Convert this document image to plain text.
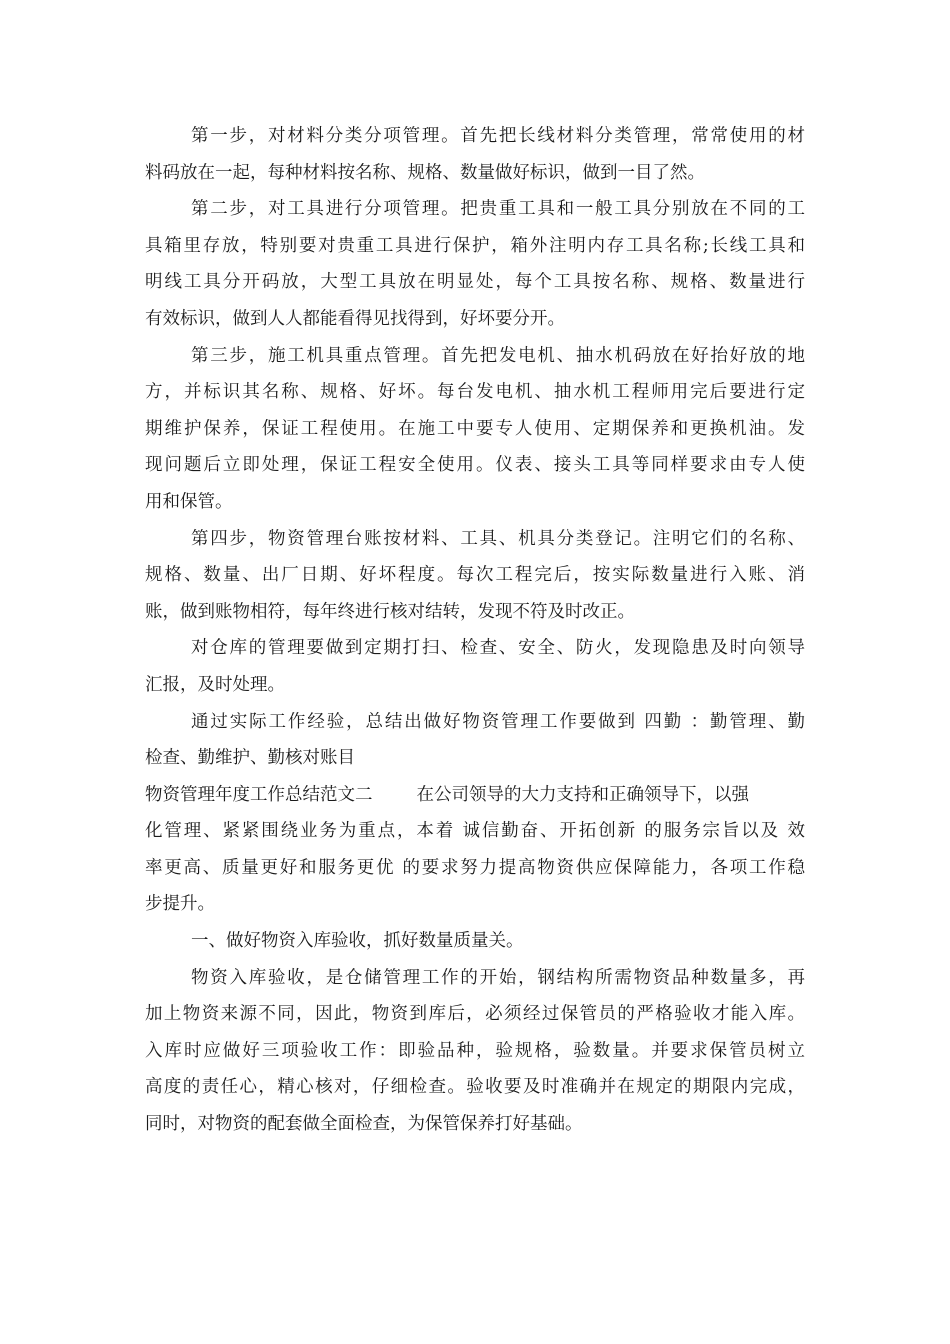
第一步，对材料分类分项管理。首先把长线材料分类管理，常常使用的材
料码放在一起，每种材料按名称、规格、数量做好标识，做到一目了然。
第二步，对工具进行分项管理。把贵重工具和一般工具分别放在不同的工
具箱里存放，特别要对贵重工具进行保护，箱外注明内存工具名称;长线工具和
明线工具分开码放，大型工具放在明显处，每个工具按名称、规格、数量进行
有效标识，做到人人都能看得见找得到，好坏要分开。
第三步，施工机具重点管理。首先把发电机、抽水机码放在好抬好放的地
方，并标识其名称、规格、好坏。每台发电机、抽水机工程师用完后要进行定
期维护保养，保证工程使用。在施工中要专人使用、定期保养和更换机油。发
现问题后立即处理，保证工程安全使用。仪表、接头工具等同样要求由专人使
用和保管。
第四步，物资管理台账按材料、工具、机具分类登记。注明它们的名称、
规格、数量、出厂日期、好坏程度。每次工程完后，按实际数量进行入账、消
账，做到账物相符，每年终进行核对结转，发现不符及时改正。
对仓库的管理要做到定期打扫、检查、安全、防火，发现隐患及时向领导
汇报，及时处理。
通过实际工作经验，总结出做好物资管理工作要做到 四勤 ：勤管理、勤
检查、勤维护、勤核对账目
物资管理年度工作总结范文二	在公司领导的大力支持和正确领导下，以强
化管理、紧紧围绕业务为重点，本着 诚信勤奋、开拓创新 的服务宗旨以及 效
率更高、质量更好和服务更优 的要求努力提高物资供应保障能力，各项工作稳
步提升。
一、做好物资入库验收，抓好数量质量关。
物资入库验收，是仓储管理工作的开始，钢结构所需物资品种数量多，再
加上物资来源不同，因此，物资到库后，必须经过保管员的严格验收才能入库。
入库时应做好三项验收工作：即验品种，验规格，验数量。并要求保管员树立
高度的责任心，精心核对，仔细检查。验收要及时准确并在规定的期限内完成，
同时，对物资的配套做全面检查，为保管保养打好基础。
